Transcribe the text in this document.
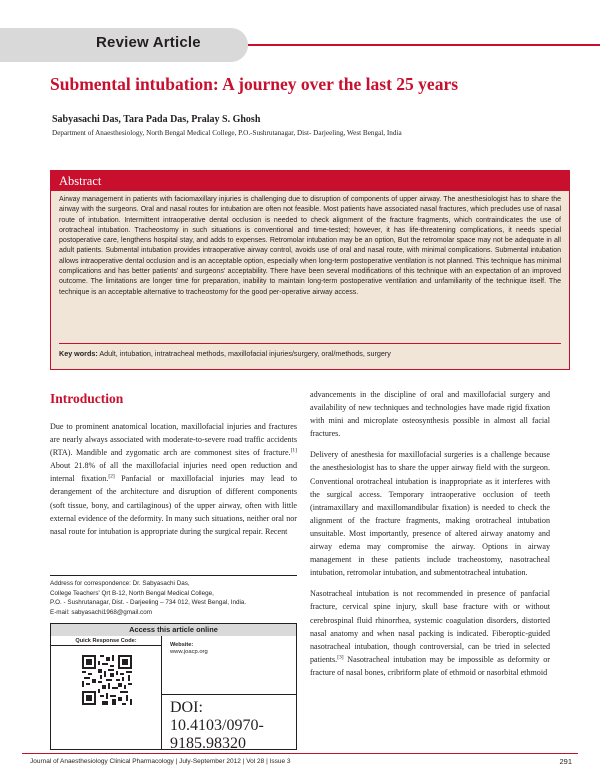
Review Article
Submental intubation: A journey over the last 25 years
Sabyasachi Das, Tara Pada Das, Pralay S. Ghosh
Department of Anaesthesiology, North Bengal Medical College, P.O.-Sushrutanagar, Dist- Darjeeling, West Bengal, India
Abstract

Airway management in patients with faciomaxillary injuries is challenging due to disruption of components of upper airway. The anesthesiologist has to share the airway with the surgeons. Oral and nasal routes for intubation are often not feasible. Most patients have associated nasal fractures, which precludes use of nasal route of intubation. Intermittent intraoperative dental occlusion is needed to check alignment of the fracture fragments, which contraindicates the use of orotracheal intubation. Tracheostomy in such situations is conventional and time-tested; however, it has life-threatening complications, it needs special postoperative care, lengthens hospital stay, and adds to expenses. Retromolar intubation may be an option, But the retromolar space may not be adequate in all adult patients. Submental intubation provides intraoperative airway control, avoids use of oral and nasal route, with minimal complications. Submental intubation allows intraoperative dental occlusion and is an acceptable option, especially when long-term postoperative ventilation is not planned. This technique has minimal complications and has better patients' and surgeons' acceptability. There have been several modifications of this technique with an expectation of an improved outcome. The limitations are longer time for preparation, inability to maintain long-term postoperative ventilation and unfamiliarity of the technique itself. The technique is an acceptable alternative to tracheostomy for the good per-operative airway access.

Key words: Adult, intubation, intratracheal methods, maxillofacial injuries/surgery, oral/methods, surgery
Introduction

Due to prominent anatomical location, maxillofacial injuries and fractures are nearly always associated with moderate-to-severe road traffic accidents (RTA). Mandible and zygomatic arch are commonest sites of fracture.[1] About 21.8% of all the maxillofacial injuries need open reduction and internal fixation.[2] Panfacial or maxillofacial injuries may lead to derangement of the architecture and disruption of different components (soft tissue, bony, and cartilaginous) of the upper airway, often with little external evidence of the deformity. In many such situations, neither oral nor nasal route for intubation is appropriate during the surgical repair. Recent

advancements in the discipline of oral and maxillofacial surgery and availability of new techniques and technologies have made rigid fixation with mini and microplate osteosynthesis possible in almost all facial fractures.

Delivery of anesthesia for maxillofacial surgeries is a challenge because the anesthesiologist has to share the upper airway field with the surgeon. Conventional orotracheal intubation is inappropriate as it interferes with the surgical access. Temporary intraoperative occlusion of teeth (intramaxillary and maxillomandibular fixation) is needed to check the alignment of the fracture fragments, making orotracheal intubation unsuitable. Most importantly, presence of altered airway anatomy and airway edema may compromise the airway. Options in airway management in these patients include tracheostomy, nasotracheal intubation, retromolar intubation, and submentotracheal intubation.

Nasotracheal intubation is not recommended in presence of panfacial fracture, cervical spine injury, skull base fracture with or without cerebrospinal fluid rhinorrhea, systemic coagulation disorders, distorted nasal anatomy and when nasal packing is indicated. Fiberoptic-guided nasotracheal intubation, though controversial, can be tried in selected patients.[3] Nasotracheal intubation may be impossible as deformity or fracture of nasal bones, cribriform plate of ethmoid or nasorbital ethmoid

Address for correspondence: Dr. Sabyasachi Das,
College Teachers' Qrt B-12, North Bengal Medical College,
P.O. - Sushrutanagar, Dist. - Darjeeling – 734 012, West Bengal, India.
E-mail: sabyasachi1968@gmail.com
Access this article online
Quick Response Code:
Website:
www.joacp.org
DOI:
10.4103/0970-9185.98320
Journal of Anaesthesiology Clinical Pharmacology | July-September 2012 | Vol 28 | Issue 3	291
